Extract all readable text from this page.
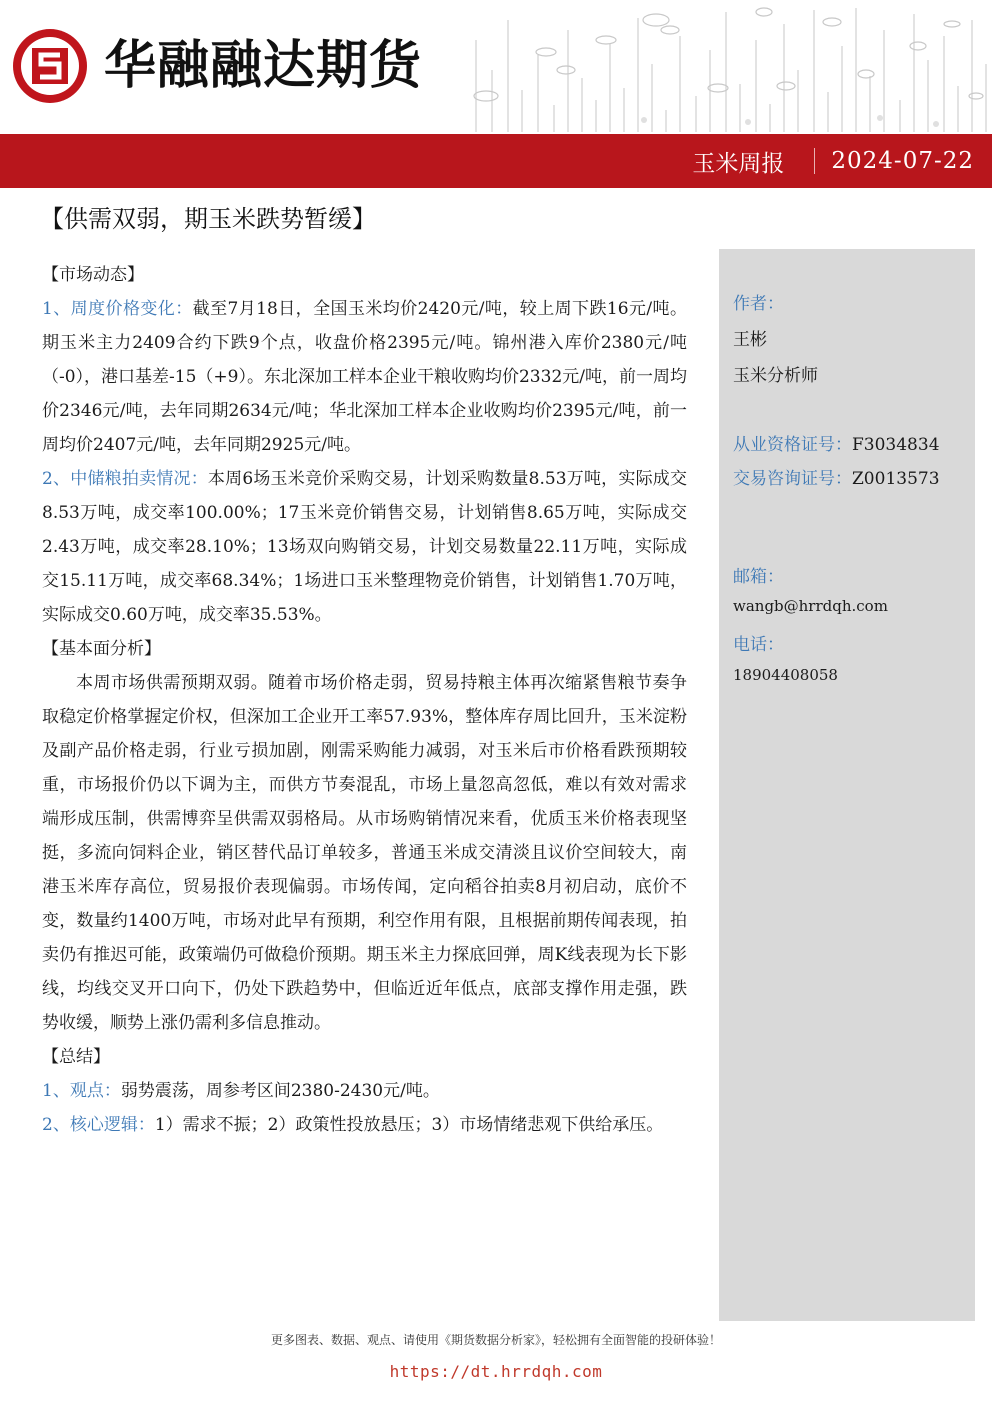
华融融达期货
玉米周报 2024-07-22
【供需双弱，期玉米跌势暂缓】

【市场动态】

1、周度价格变化：截至7月18日，全国玉米均价2420元/吨，较上周下跌16元/吨。期玉米主力2409合约下跌9个点，收盘价格2395元/吨。锦州港入库价2380元/吨（-0），港口基差-15（+9）。东北深加工样本企业干粮收购均价2332元/吨，前一周均价2346元/吨，去年同期2634元/吨；华北深加工样本企业收购均价2395元/吨，前一周均价2407元/吨，去年同期2925元/吨。

2、中储粮拍卖情况：本周6场玉米竞价采购交易，计划采购数量8.53万吨，实际成交8.53万吨，成交率100.00%；17玉米竞价销售交易，计划销售8.65万吨，实际成交2.43万吨，成交率28.10%；13场双向购销交易，计划交易数量22.11万吨，实际成交15.11万吨，成交率68.34%；1场进口玉米整理物竞价销售，计划销售1.70万吨，实际成交0.60万吨，成交率35.53%。

【基本面分析】

本周市场供需预期双弱。随着市场价格走弱，贸易持粮主体再次缩紧售粮节奏争取稳定价格掌握定价权，但深加工企业开工率57.93%，整体库存周比回升，玉米淀粉及副产品价格走弱，行业亏损加剧，刚需采购能力减弱，对玉米后市价格看跌预期较重，市场报价仍以下调为主，而供方节奏混乱，市场上量忽高忽低，难以有效对需求端形成压制，供需博弈呈供需双弱格局。从市场购销情况来看，优质玉米价格表现坚挺，多流向饲料企业，销区替代品订单较多，普通玉米成交清淡且议价空间较大，南港玉米库存高位，贸易报价表现偏弱。市场传闻，定向稻谷拍卖8月初启动，底价不变，数量约1400万吨，市场对此早有预期，利空作用有限，且根据前期传闻表现，拍卖仍有推迟可能，政策端仍可做稳价预期。期玉米主力探底回弹，周K线表现为长下影线，均线交叉开口向下，仍处下跌趋势中，但临近近年低点，底部支撑作用走强，跌势收缓，顺势上涨仍需利多信息推动。

【总结】

1、观点：弱势震荡，周参考区间2380-2430元/吨。

2、核心逻辑：1）需求不振；2）政策性投放悬压；3）市场情绪悲观下供给承压。

作者：
王彬
玉米分析师
从业资格证号：F3034834
交易咨询证号：Z0013573
邮箱：
wangb@hrrdqh.com
电话：
18904408058
更多图表、数据、观点、请使用《期货数据分析家》，轻松拥有全面智能的投研体验！
https://dt.hrrdqh.com
